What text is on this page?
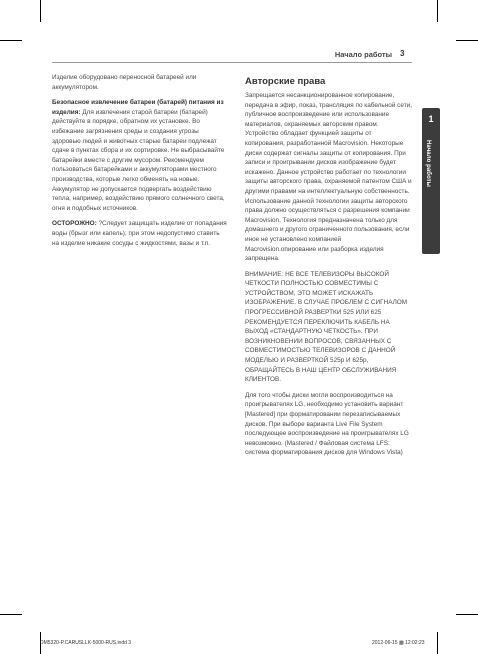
Начало работы 3
1
Начало работы

Изделие оборудовано переносной батареей или аккумулятором.

Безопасное извлечение батареи (батарей) питания из изделия: Для извлечения старой батареи (батарей) действуйте в порядке, обратном их установке. Во избежание загрязнения среды и создания угрозы здоровью людей и животных старые батареи подлежат сдаче в пунктах сбора и их сортировке. Не выбрасывайте батарейки вместе с другим мусором. Рекомендуем пользоваться батарейками и аккумуляторами местного производства, которые легко обменять на новые. Аккумулятор не допускается подвергать воздействию тепла, например, воздействию прямого солнечного света, огня и подобных источников.

ОСТОРОЖНО: ?Следует защищать изделие от попадания воды (брызг или капель); при этом недопустимо ставить на изделие никакие сосуды с жидкостями, вазы и т.п.

Авторские права

Запрещается несанкционированное копирование, передача в эфир, показ, трансляция по кабельной сети, публичное воспроизведение или использование материалов, охраняемых авторским правом. Устройство обладает функцией защиты от копирования, разработанной Macrovision. Некоторые диски содержат сигналы защиты от копирования. При записи и проигрывании дисков изображение будет искажено. Данное устройство работает по технологии защиты авторского права, охраняемой патентом США и другими правами на интеллектуальную собственность. Использование данной технологии защиты авторского права должно осуществляться с разрешения компании Macrovision. Технология предназначена только для домашнего и другого ограниченного пользования, если иное не установлено компанией Macrovision.опирование или разборка изделия запрещена.

ВНИМАНИЕ: НЕ ВСЕ ТЕЛЕВИЗОРЫ ВЫСОКОЙ ЧЕТКОСТИ ПОЛНОСТЬЮ СОВМЕСТИМЫ С УСТРОЙСТВОМ, ЭТО МОЖЕТ ИСКАЖАТЬ ИЗОБРАЖЕНИЕ. В СЛУЧАЕ ПРОБЛЕМ С СИГНАЛОМ ПРОГРЕССИВНОЙ РАЗВЕРТКИ 525 ИЛИ 625 РЕКОМЕНДУЕТСЯ ПЕРЕКЛЮЧИТЬ КАБЕЛЬ НА ВЫХОД «СТАНДАРТНУЮ ЧЕТКОСТЬ». ПРИ ВОЗНИКНОВЕНИИ ВОПРОСОВ, СВЯЗАННЫХ С СОВМЕСТИМОСТЬЮ ТЕЛЕВИЗОРОВ С ДАННОЙ МОДЕЛЬЮ И РАЗВЕРТКОЙ 525p И 625p, ОБРАЩАЙТЕСЬ В НАШ ЦЕНТР ОБСЛУЖИВАНИЯ КЛИЕНТОВ.

Для того чтобы диски могли воспроизводиться на проигрывателях LG, необходимо установить вариант [Mastered] при форматировании перезаписываемых дисков. При выборе варианта Live File System последующее воспроизведение на проигрывателях LG невозможно. (Mastered / Файловая система LFS: система форматирования дисков для Windows Vista)

DM5320-P.CARUSLLK-5000-RUS.indd 3	2012-06-15 ▩ 12:02:23
